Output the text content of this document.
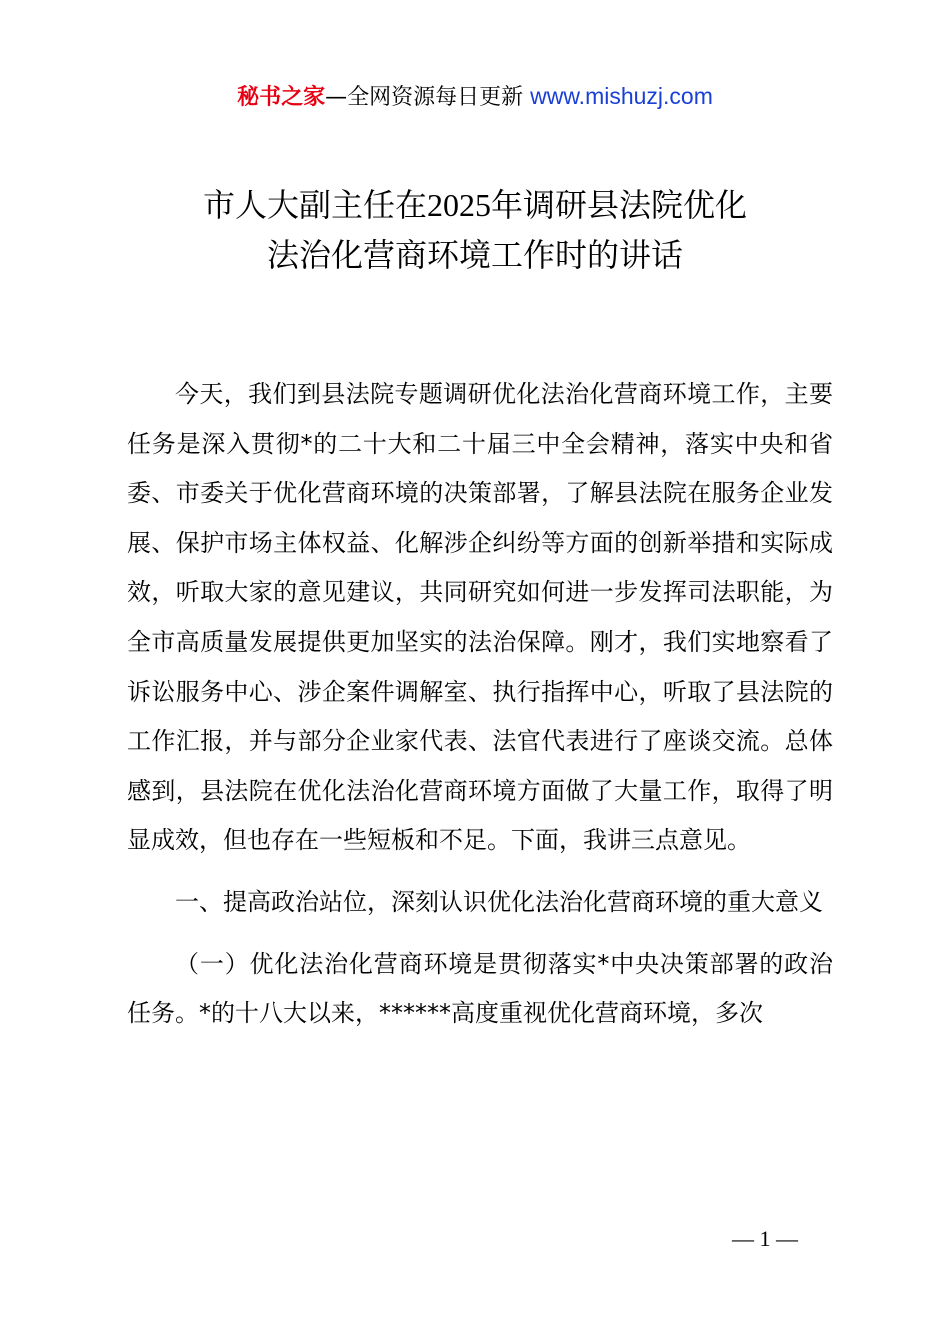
秘书之家—全网资源每日更新 www.mishuzj.com
市人大副主任在2025年调研县法院优化
法治化营商环境工作时的讲话

今天，我们到县法院专题调研优化法治化营商环境工作，主要任务是深入贯彻*的二十大和二十届三中全会精神，落实中央和省委、市委关于优化营商环境的决策部署，了解县法院在服务企业发展、保护市场主体权益、化解涉企纠纷等方面的创新举措和实际成效，听取大家的意见建议，共同研究如何进一步发挥司法职能，为全市高质量发展提供更加坚实的法治保障。刚才，我们实地察看了诉讼服务中心、涉企案件调解室、执行指挥中心，听取了县法院的工作汇报，并与部分企业家代表、法官代表进行了座谈交流。总体感到，县法院在优化法治化营商环境方面做了大量工作，取得了明显成效，但也存在一些短板和不足。下面，我讲三点意见。

一、提高政治站位，深刻认识优化法治化营商环境的重大意义

（一）优化法治化营商环境是贯彻落实*中央决策部署的政治任务。*的十八大以来，******高度重视优化营商环境，多次

— 1 —
